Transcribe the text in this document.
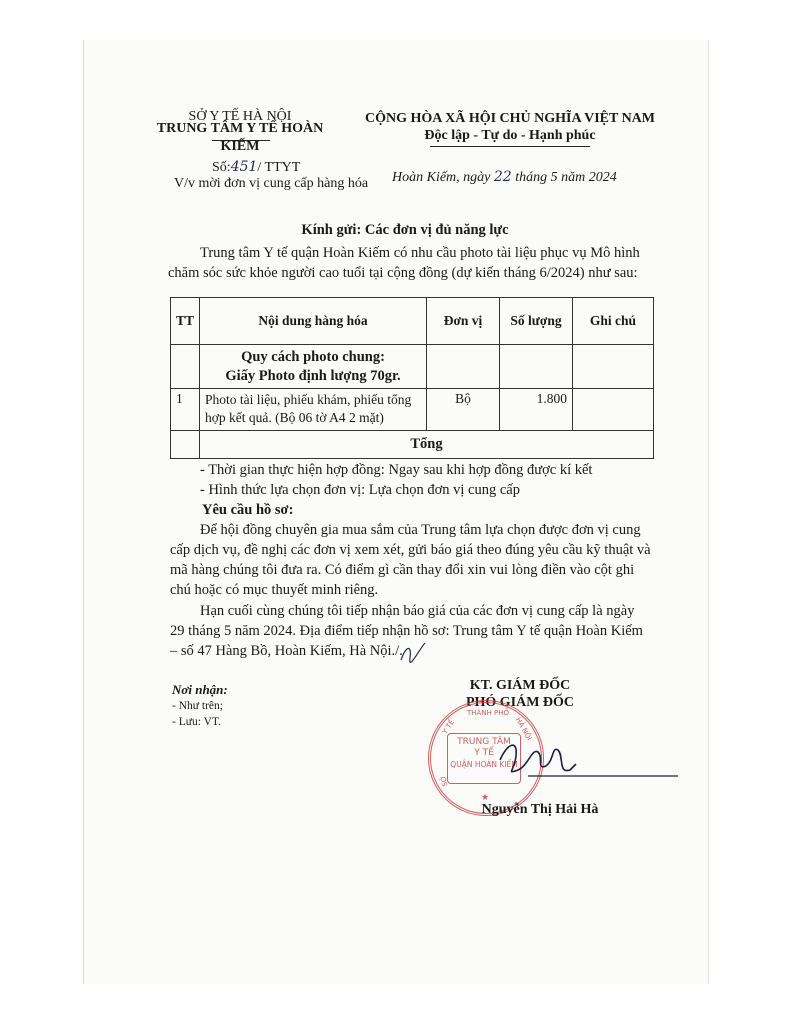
SỞ Y TẾ HÀ NỘI
TRUNG TÂM Y TẾ HOÀN KIẾM
CỘNG HÒA XÃ HỘI CHỦ NGHĨA VIỆT NAM
Độc lập - Tự do - Hạnh phúc
Số:451/ TTYT
V/v mời đơn vị cung cấp hàng hóa	Hoàn Kiếm, ngày 22 tháng 5 năm 2024
Kính gửi: Các đơn vị đủ năng lực
Trung tâm Y tế quận Hoàn Kiếm có nhu cầu photo tài liệu phục vụ Mô hình
chăm sóc sức khỏe người cao tuổi tại cộng đồng (dự kiến tháng 6/2024) như sau:
TT	Nội dung hàng hóa	Đơn vị	Số lượng	Ghi chú

	Quy cách photo chung:
Giấy Photo định lượng 70gr.			

1	Photo tài liệu, phiếu khám, phiếu tổng
hợp kết quả. (Bộ 06 tờ A4 2 mặt)	Bộ	1.800	
	Tổng			
- Thời gian thực hiện hợp đồng: Ngay sau khi hợp đồng được kí kết
- Hình thức lựa chọn đơn vị: Lựa chọn đơn vị cung cấp
Yêu cầu hồ sơ:
Để hội đồng chuyên gia mua sắm của Trung tâm lựa chọn được đơn vị cung
cấp dịch vụ, đề nghị các đơn vị xem xét, gửi báo giá theo đúng yêu cầu kỹ thuật và
mã hàng chúng tôi đưa ra. Có điểm gì cần thay đổi xin vui lòng điền vào cột ghi
chú hoặc có mục thuyết minh riêng.
Hạn cuối cùng chúng tôi tiếp nhận báo giá của các đơn vị cung cấp là ngày
29 tháng 5 năm 2024. Địa điểm tiếp nhận hồ sơ: Trung tâm Y tế quận Hoàn Kiếm
– số 47 Hàng Bồ, Hoàn Kiếm, Hà Nội./.
Nơi nhận:
- Như trên;
- Lưu: VT.
KT. GIÁM ĐỐC
PHÓ GIÁM ĐỐC
Y TẾ
THÀNH PHỐ
HÀ NỘI
SỞ
TRUNG TÂM
Y TẾ
QUẬN HOÀN KIẾM
★
Nguyễn Thị Hải Hà
